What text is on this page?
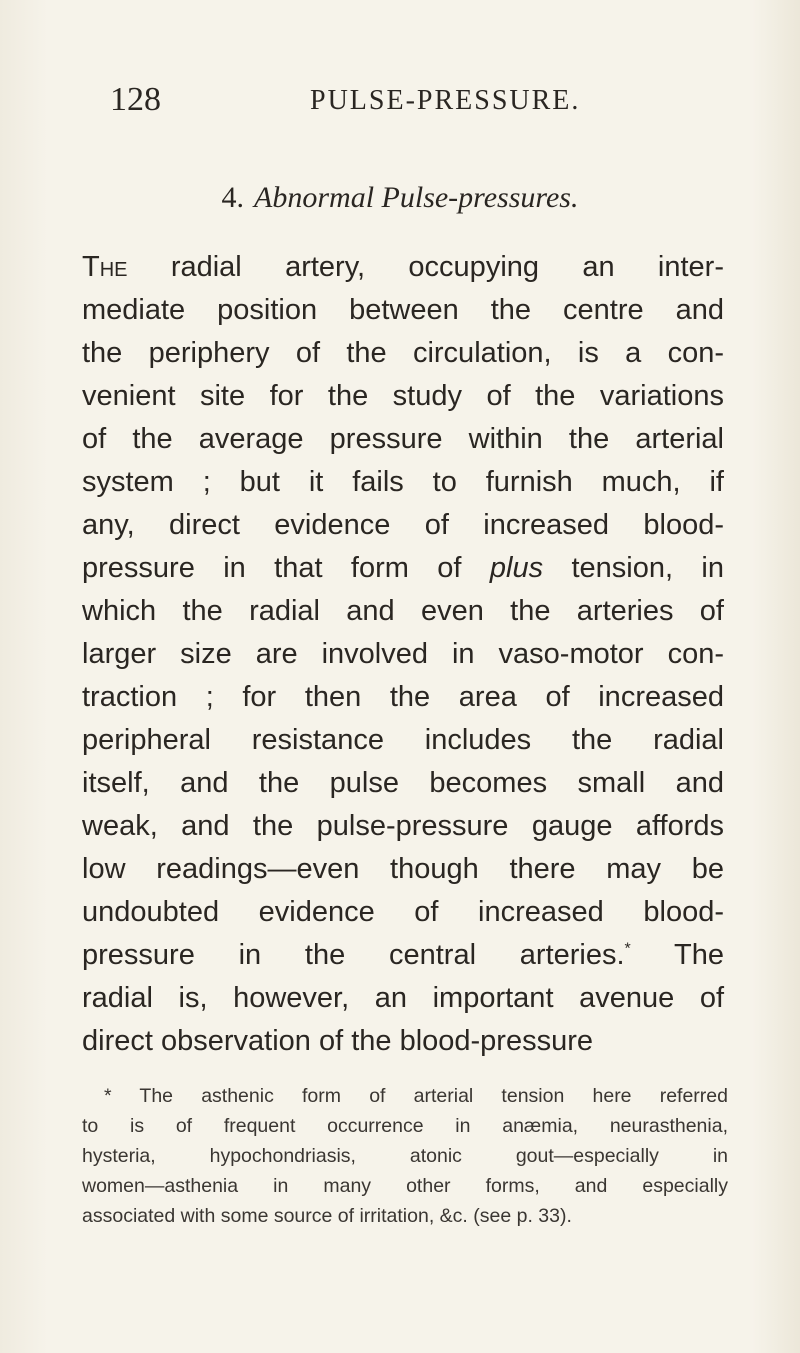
128	PULSE-PRESSURE.
4. Abnormal Pulse-pressures.
The radial artery, occupying an inter-
mediate position between the centre and
the periphery of the circulation, is a con-
venient site for the study of the variations
of the average pressure within the arterial
system ; but it fails to furnish much, if
any, direct evidence of increased blood-
pressure in that form of plus tension, in
which the radial and even the arteries of
larger size are involved in vaso-motor con-
traction ; for then the area of increased
peripheral resistance includes the radial
itself, and the pulse becomes small and
weak, and the pulse-pressure gauge affords
low readings—even though there may be
undoubted evidence of increased blood-
pressure in the central arteries.* The
radial is, however, an important avenue of
direct observation of the blood-pressure
* The asthenic form of arterial tension here referred
to is of frequent occurrence in anæmia, neurasthenia,
hysteria, hypochondriasis, atonic gout—especially in
women—asthenia in many other forms, and especially
associated with some source of irritation, &c. (see p. 33).
